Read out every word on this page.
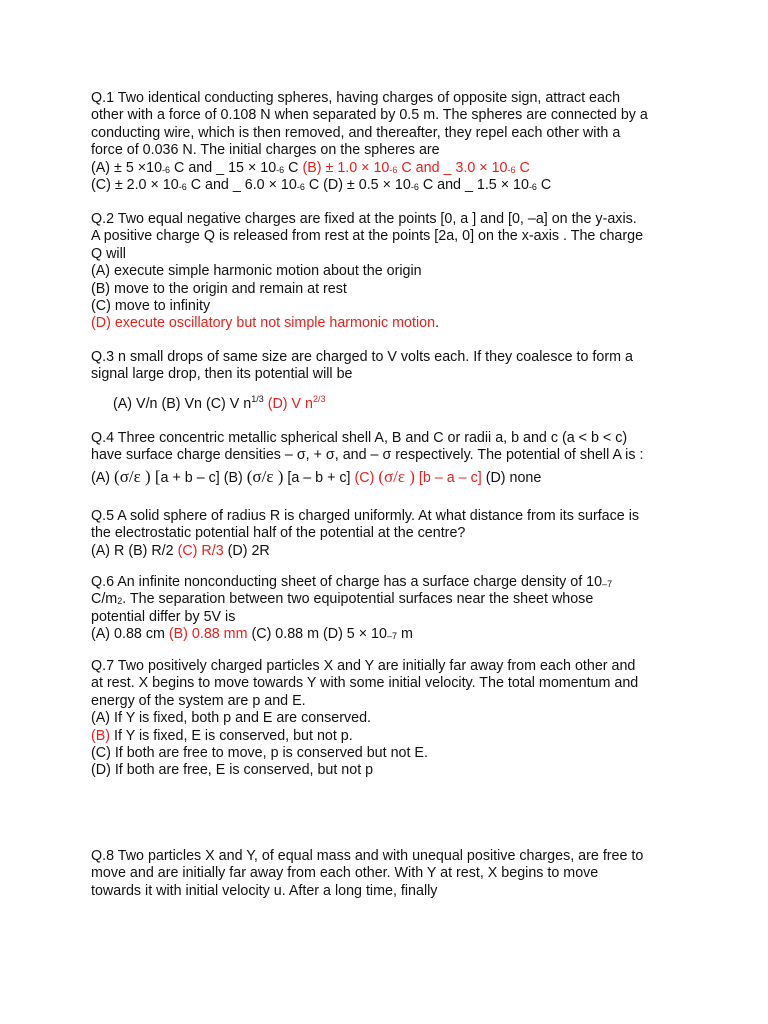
Q.1 Two identical conducting spheres, having charges of opposite sign, attract each

other with a force of 0.108 N when separated by 0.5 m. The spheres are connected by a

conducting wire, which is then removed, and thereafter, they repel each other with a

force of 0.036 N. The initial charges on the spheres are

$(A) \pm 5 \times 10_{-6}$ C and _ $15 \times 10_{-6}$ C $(B) \pm 1.0 \times 10_{-6}$ C and _ $3.0 \times 10_{-6}$ C

$(C) \pm 2.0 \times 10_{-6}$ C and _ $6.0 \times 10_{-6}$ C $(D) \pm 0.5 \times 10_{-6}$ C and _ $1.5 \times 10_{-6}$ C

Q.2 Two equal negative charges are fixed at the points [0, a ] and [0, –a] on the y-axis.

A positive charge Q is released from rest at the points [2a, 0] on the x-axis . The charge

Q will

(A) execute simple harmonic motion about the origin

(B) move to the origin and remain at rest

(C) move to infinity

(D) execute oscillatory but not simple harmonic motion.

Q.3 n small drops of same size are charged to V volts each. If they coalesce to form a

signal large drop, then its potential will be

(A) V/n (B) Vn (C) V $n^{1/3}$ (D) V $n^{2/3}$

Q.4 Three concentric metallic spherical shell A, B and C or radii a, b and c (a < b < c)

have surface charge densities – σ, + σ, and – σ respectively. The potential of shell A is :

(A) (σ/ε ) [a + b – c] (B) (σ/ε ) [a – b + c] (C) (σ/ε ) [b – a – c] (D) none

Q.5 A solid sphere of radius R is charged uniformly. At what distance from its surface is

the electrostatic potential half of the potential at the centre?

(A) R (B) R/2 (C) R/3 (D) 2R

Q.6 An infinite nonconducting sheet of charge has a surface charge density of $10_{-7}$

$C/m_2$. The separation between two equipotential surfaces near the sheet whose

potential differ by 5V is

(A) 0.88 cm (B) 0.88 mm (C) 0.88 m (D) $5 \times 10_{-7}$ m

Q.7 Two positively charged particles X and Y are initially far away from each other and

at rest. X begins to move towards Y with some initial velocity. The total momentum and

energy of the system are p and E.

(A) If Y is fixed, both p and E are conserved.

(B) If Y is fixed, E is conserved, but not p.

(C) If both are free to move, p is conserved but not E.

(D) If both are free, E is conserved, but not p

Q.8 Two particles X and Y, of equal mass and with unequal positive charges, are free to

move and are initially far away from each other. With Y at rest, X begins to move

towards it with initial velocity u. After a long time, finally
